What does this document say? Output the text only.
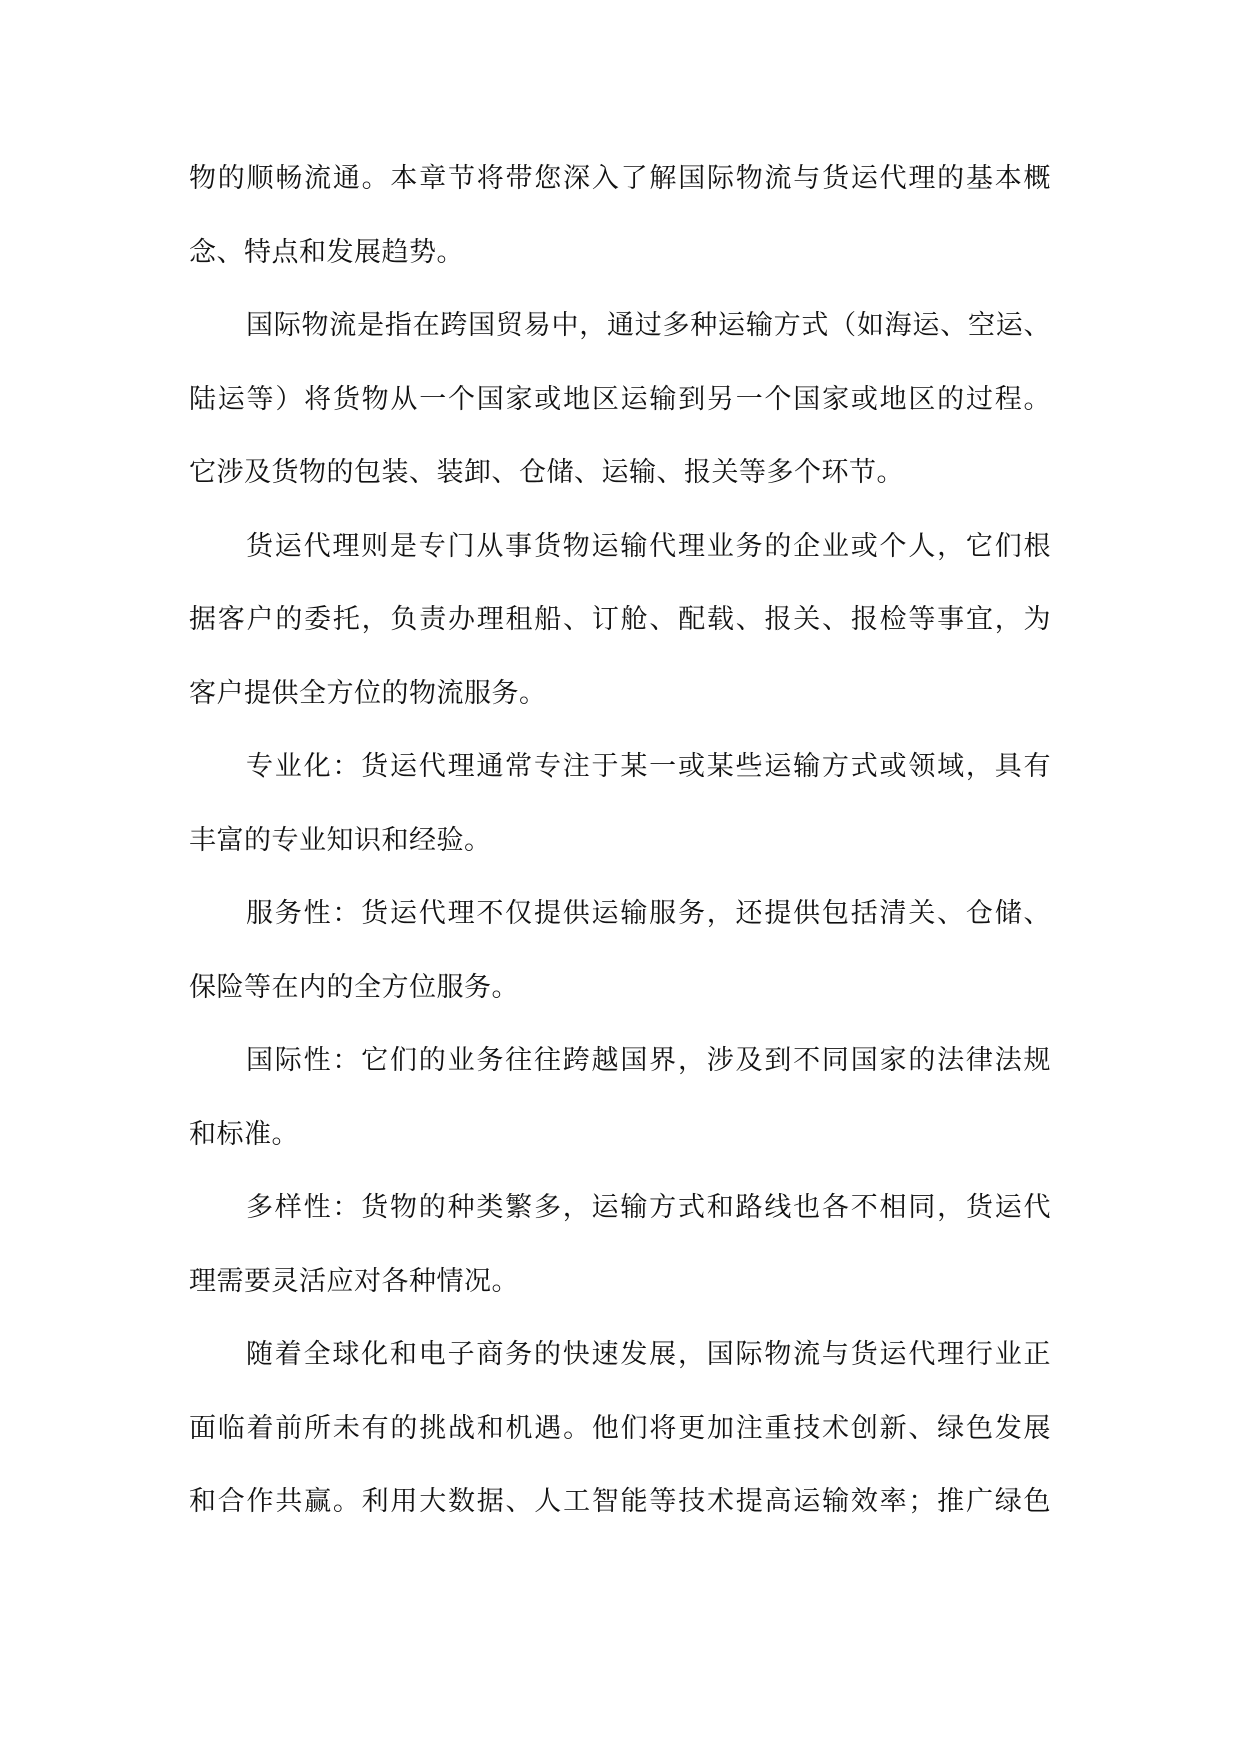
物的顺畅流通。本章节将带您深入了解国际物流与货运代理的基本概
念、特点和发展趋势。
国际物流是指在跨国贸易中，通过多种运输方式（如海运、空运、
陆运等）将货物从一个国家或地区运输到另一个国家或地区的过程。
它涉及货物的包装、装卸、仓储、运输、报关等多个环节。
货运代理则是专门从事货物运输代理业务的企业或个人，它们根
据客户的委托，负责办理租船、订舱、配载、报关、报检等事宜，为
客户提供全方位的物流服务。
专业化：货运代理通常专注于某一或某些运输方式或领域，具有
丰富的专业知识和经验。
服务性：货运代理不仅提供运输服务，还提供包括清关、仓储、
保险等在内的全方位服务。
国际性：它们的业务往往跨越国界，涉及到不同国家的法律法规
和标准。
多样性：货物的种类繁多，运输方式和路线也各不相同，货运代
理需要灵活应对各种情况。
随着全球化和电子商务的快速发展，国际物流与货运代理行业正
面临着前所未有的挑战和机遇。他们将更加注重技术创新、绿色发展
和合作共赢。利用大数据、人工智能等技术提高运输效率；推广绿色
